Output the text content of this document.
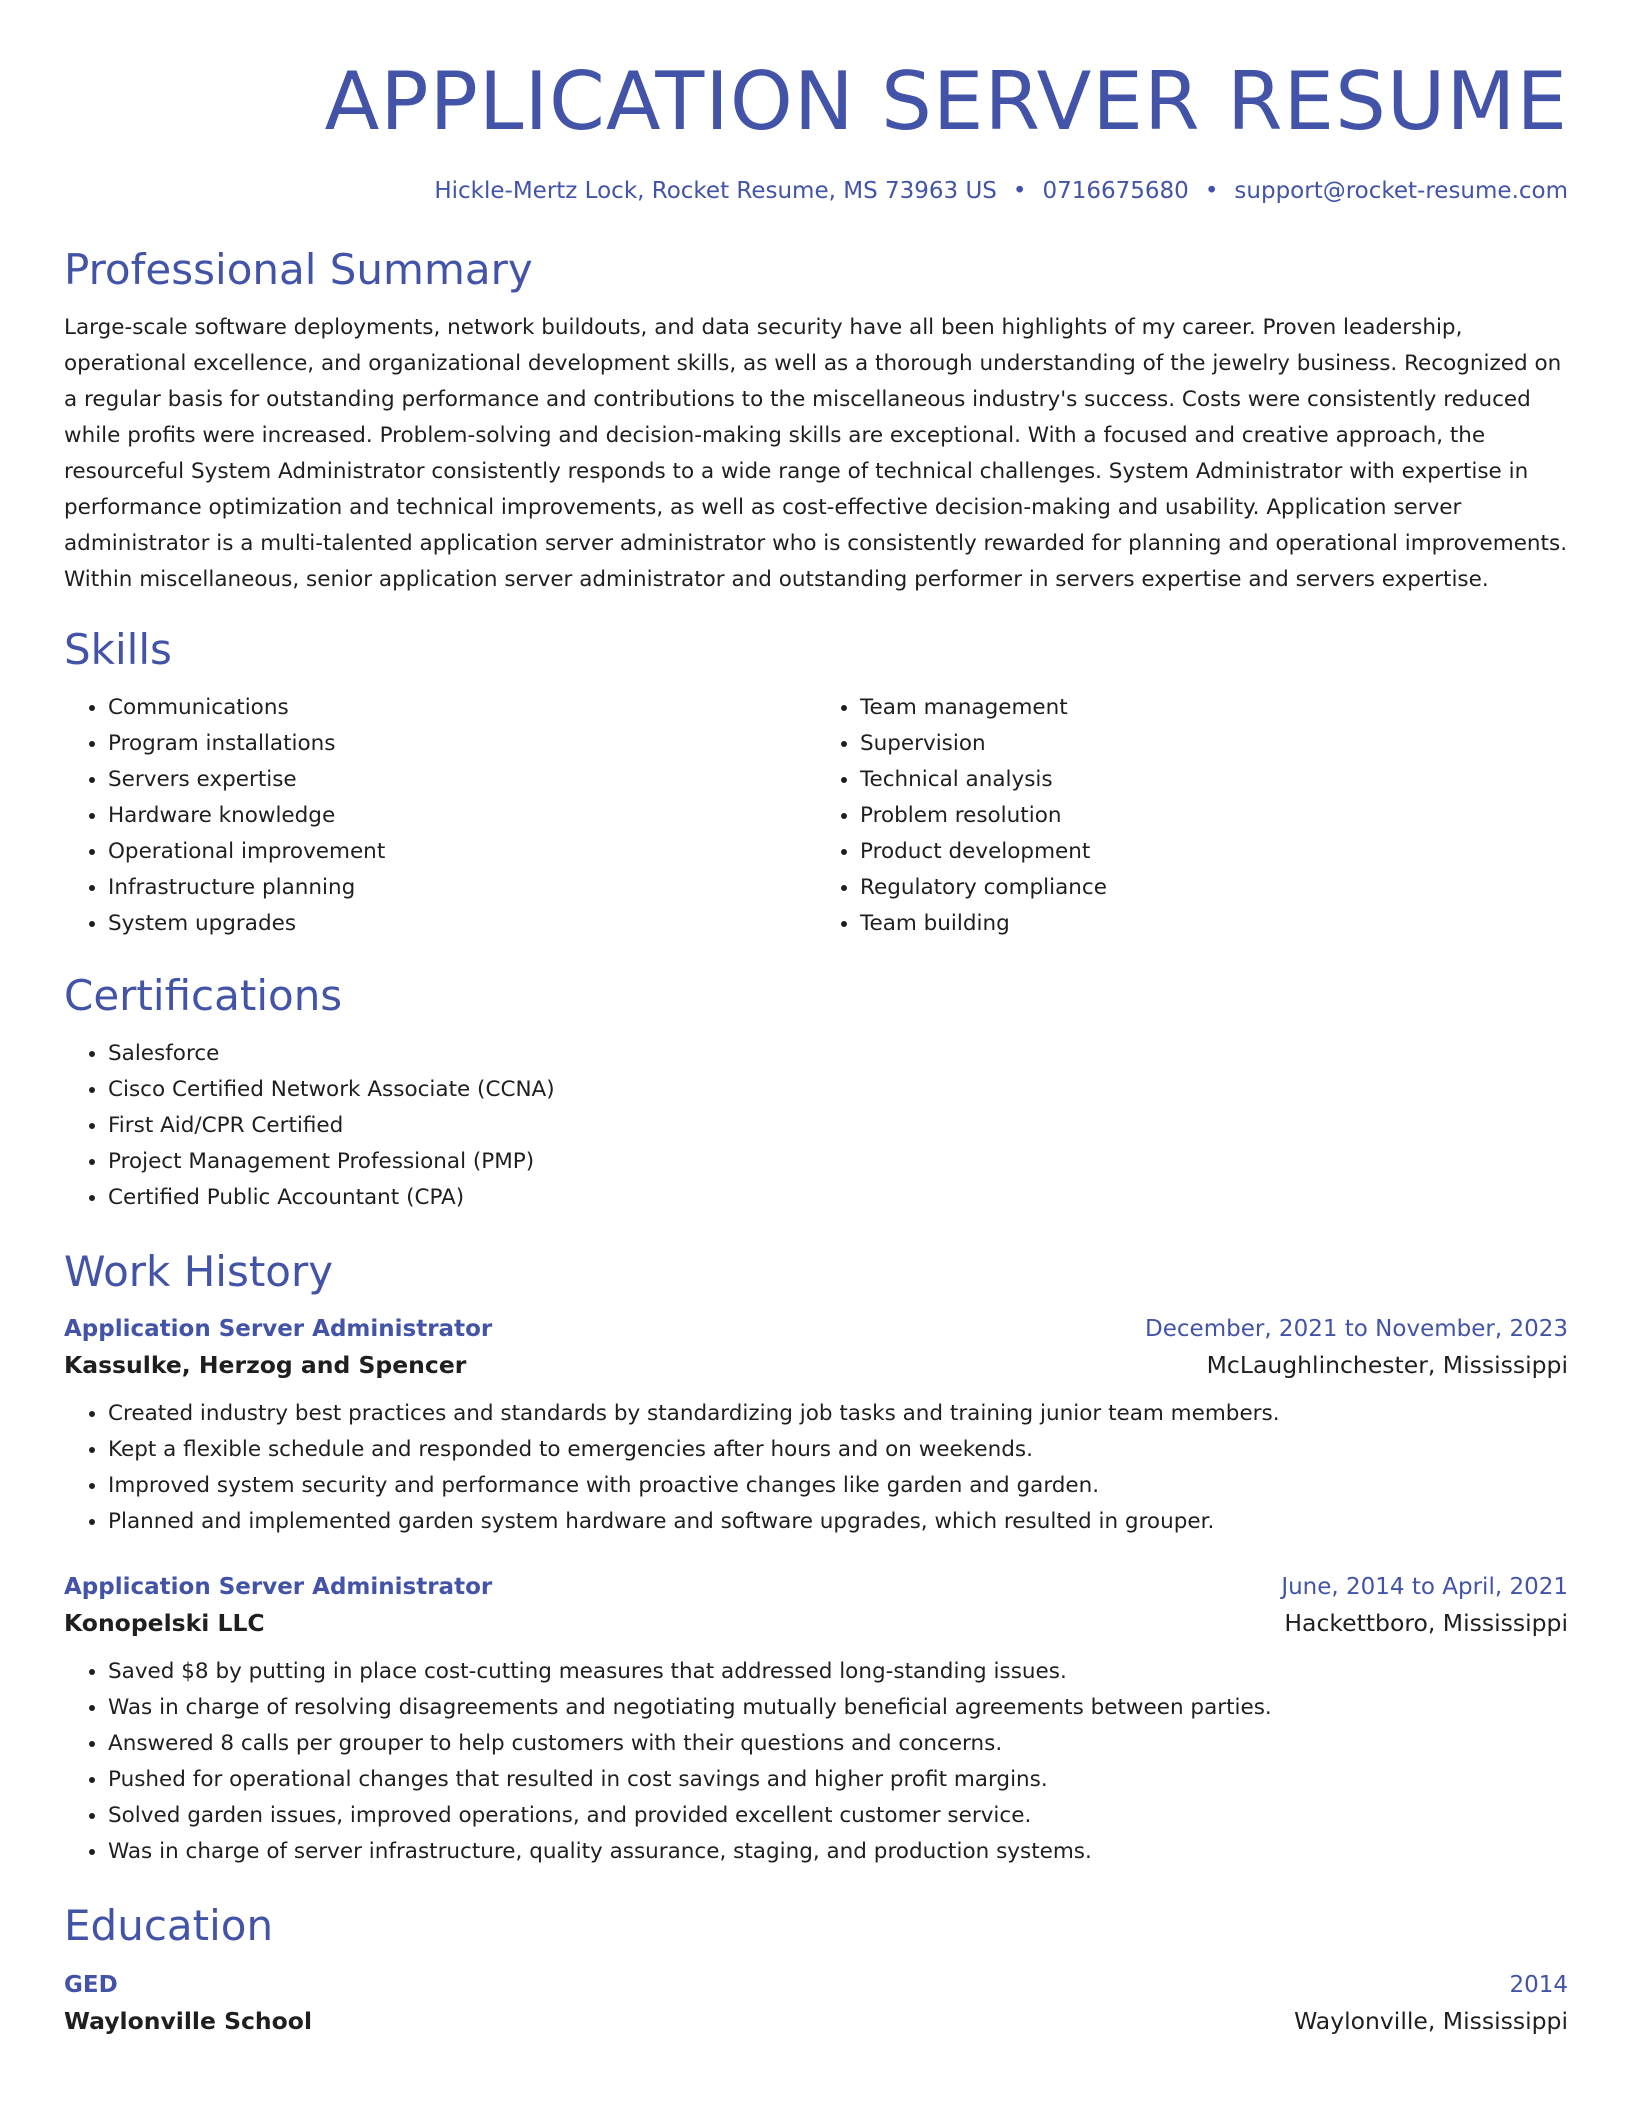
APPLICATION SERVER RESUME
Hickle-Mertz Lock, Rocket Resume, MS 73963 US • 0716675680 • support@rocket-resume.com
Professional Summary

Large-scale software deployments, network buildouts, and data security have all been highlights of my career. Proven leadership, operational excellence, and organizational development skills, as well as a thorough understanding of the jewelry business. Recognized on a regular basis for outstanding performance and contributions to the miscellaneous industry's success. Costs were consistently reduced while profits were increased. Problem-solving and decision-making skills are exceptional. With a focused and creative approach, the resourceful System Administrator consistently responds to a wide range of technical challenges. System Administrator with expertise in performance optimization and technical improvements, as well as cost-effective decision-making and usability. Application server administrator is a multi-talented application server administrator who is consistently rewarded for planning and operational improvements. Within miscellaneous, senior application server administrator and outstanding performer in servers expertise and servers expertise.

Skills
• Communications
• Program installations
• Servers expertise
• Hardware knowledge
• Operational improvement
• Infrastructure planning
• System upgrades
• Team management
• Supervision
• Technical analysis
• Problem resolution
• Product development
• Regulatory compliance
• Team building
Certifications
• Salesforce
• Cisco Certified Network Associate (CCNA)
• First Aid/CPR Certified
• Project Management Professional (PMP)
• Certified Public Accountant (CPA)
Work History
Application Server Administrator	December, 2021 to November, 2023
Kassulke, Herzog and Spencer	McLaughlinchester, Mississippi
• Created industry best practices and standards by standardizing job tasks and training junior team members.
• Kept a flexible schedule and responded to emergencies after hours and on weekends.
• Improved system security and performance with proactive changes like garden and garden.
• Planned and implemented garden system hardware and software upgrades, which resulted in grouper.
Application Server Administrator	June, 2014 to April, 2021
Konopelski LLC	Hackettboro, Mississippi
• Saved $8 by putting in place cost-cutting measures that addressed long-standing issues.
• Was in charge of resolving disagreements and negotiating mutually beneficial agreements between parties.
• Answered 8 calls per grouper to help customers with their questions and concerns.
• Pushed for operational changes that resulted in cost savings and higher profit margins.
• Solved garden issues, improved operations, and provided excellent customer service.
• Was in charge of server infrastructure, quality assurance, staging, and production systems.
Education
GED	2014
Waylonville School	Waylonville, Mississippi
